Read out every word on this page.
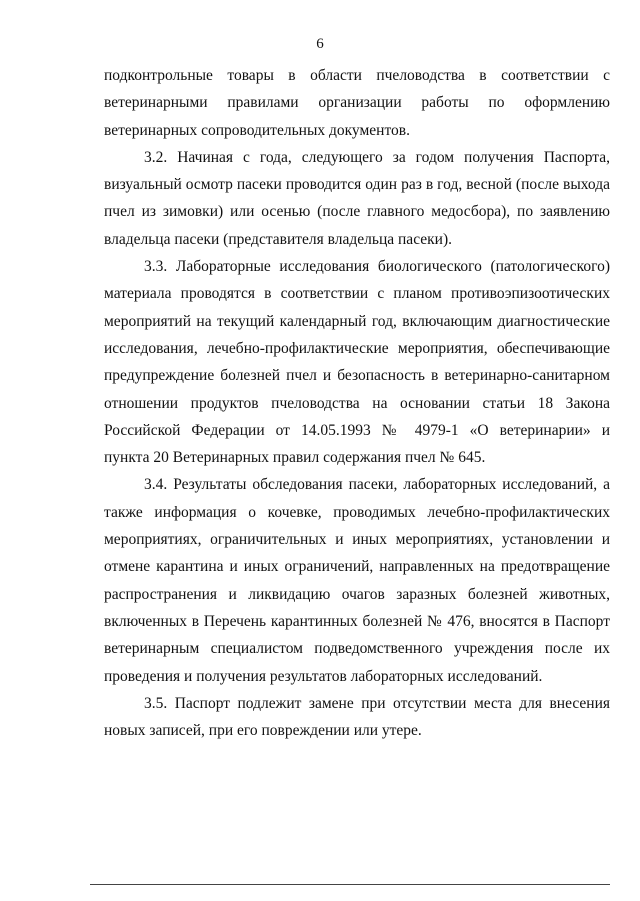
6
подконтрольные товары в области пчеловодства в соответствии с
ветеринарными правилами организации работы по оформлению
ветеринарных сопроводительных документов.
3.2. Начиная с года, следующего за годом получения Паспорта,
визуальный осмотр пасеки проводится один раз в год, весной (после выхода
пчел из зимовки) или осенью (после главного медосбора), по заявлению
владельца пасеки (представителя владельца пасеки).
3.3. Лабораторные исследования биологического (патологического)
материала проводятся в соответствии с планом противоэпизоотических
мероприятий на текущий календарный год, включающим диагностические
исследования, лечебно-профилактические мероприятия, обеспечивающие
предупреждение болезней пчел и безопасность в ветеринарно-санитарном
отношении продуктов пчеловодства на основании статьи 18 Закона
Российской Федерации от 14.05.1993 № 4979-1 «О ветеринарии» и
пункта 20 Ветеринарных правил содержания пчел № 645.
3.4. Результаты обследования пасеки, лабораторных исследований, а
также информация о кочевке, проводимых лечебно-профилактических
мероприятиях, ограничительных и иных мероприятиях, установлении и
отмене карантина и иных ограничений, направленных на предотвращение
распространения и ликвидацию очагов заразных болезней животных,
включенных в Перечень карантинных болезней № 476, вносятся в Паспорт
ветеринарным специалистом подведомственного учреждения после их
проведения и получения результатов лабораторных исследований.
3.5. Паспорт подлежит замене при отсутствии места для внесения
новых записей, при его повреждении или утере.
